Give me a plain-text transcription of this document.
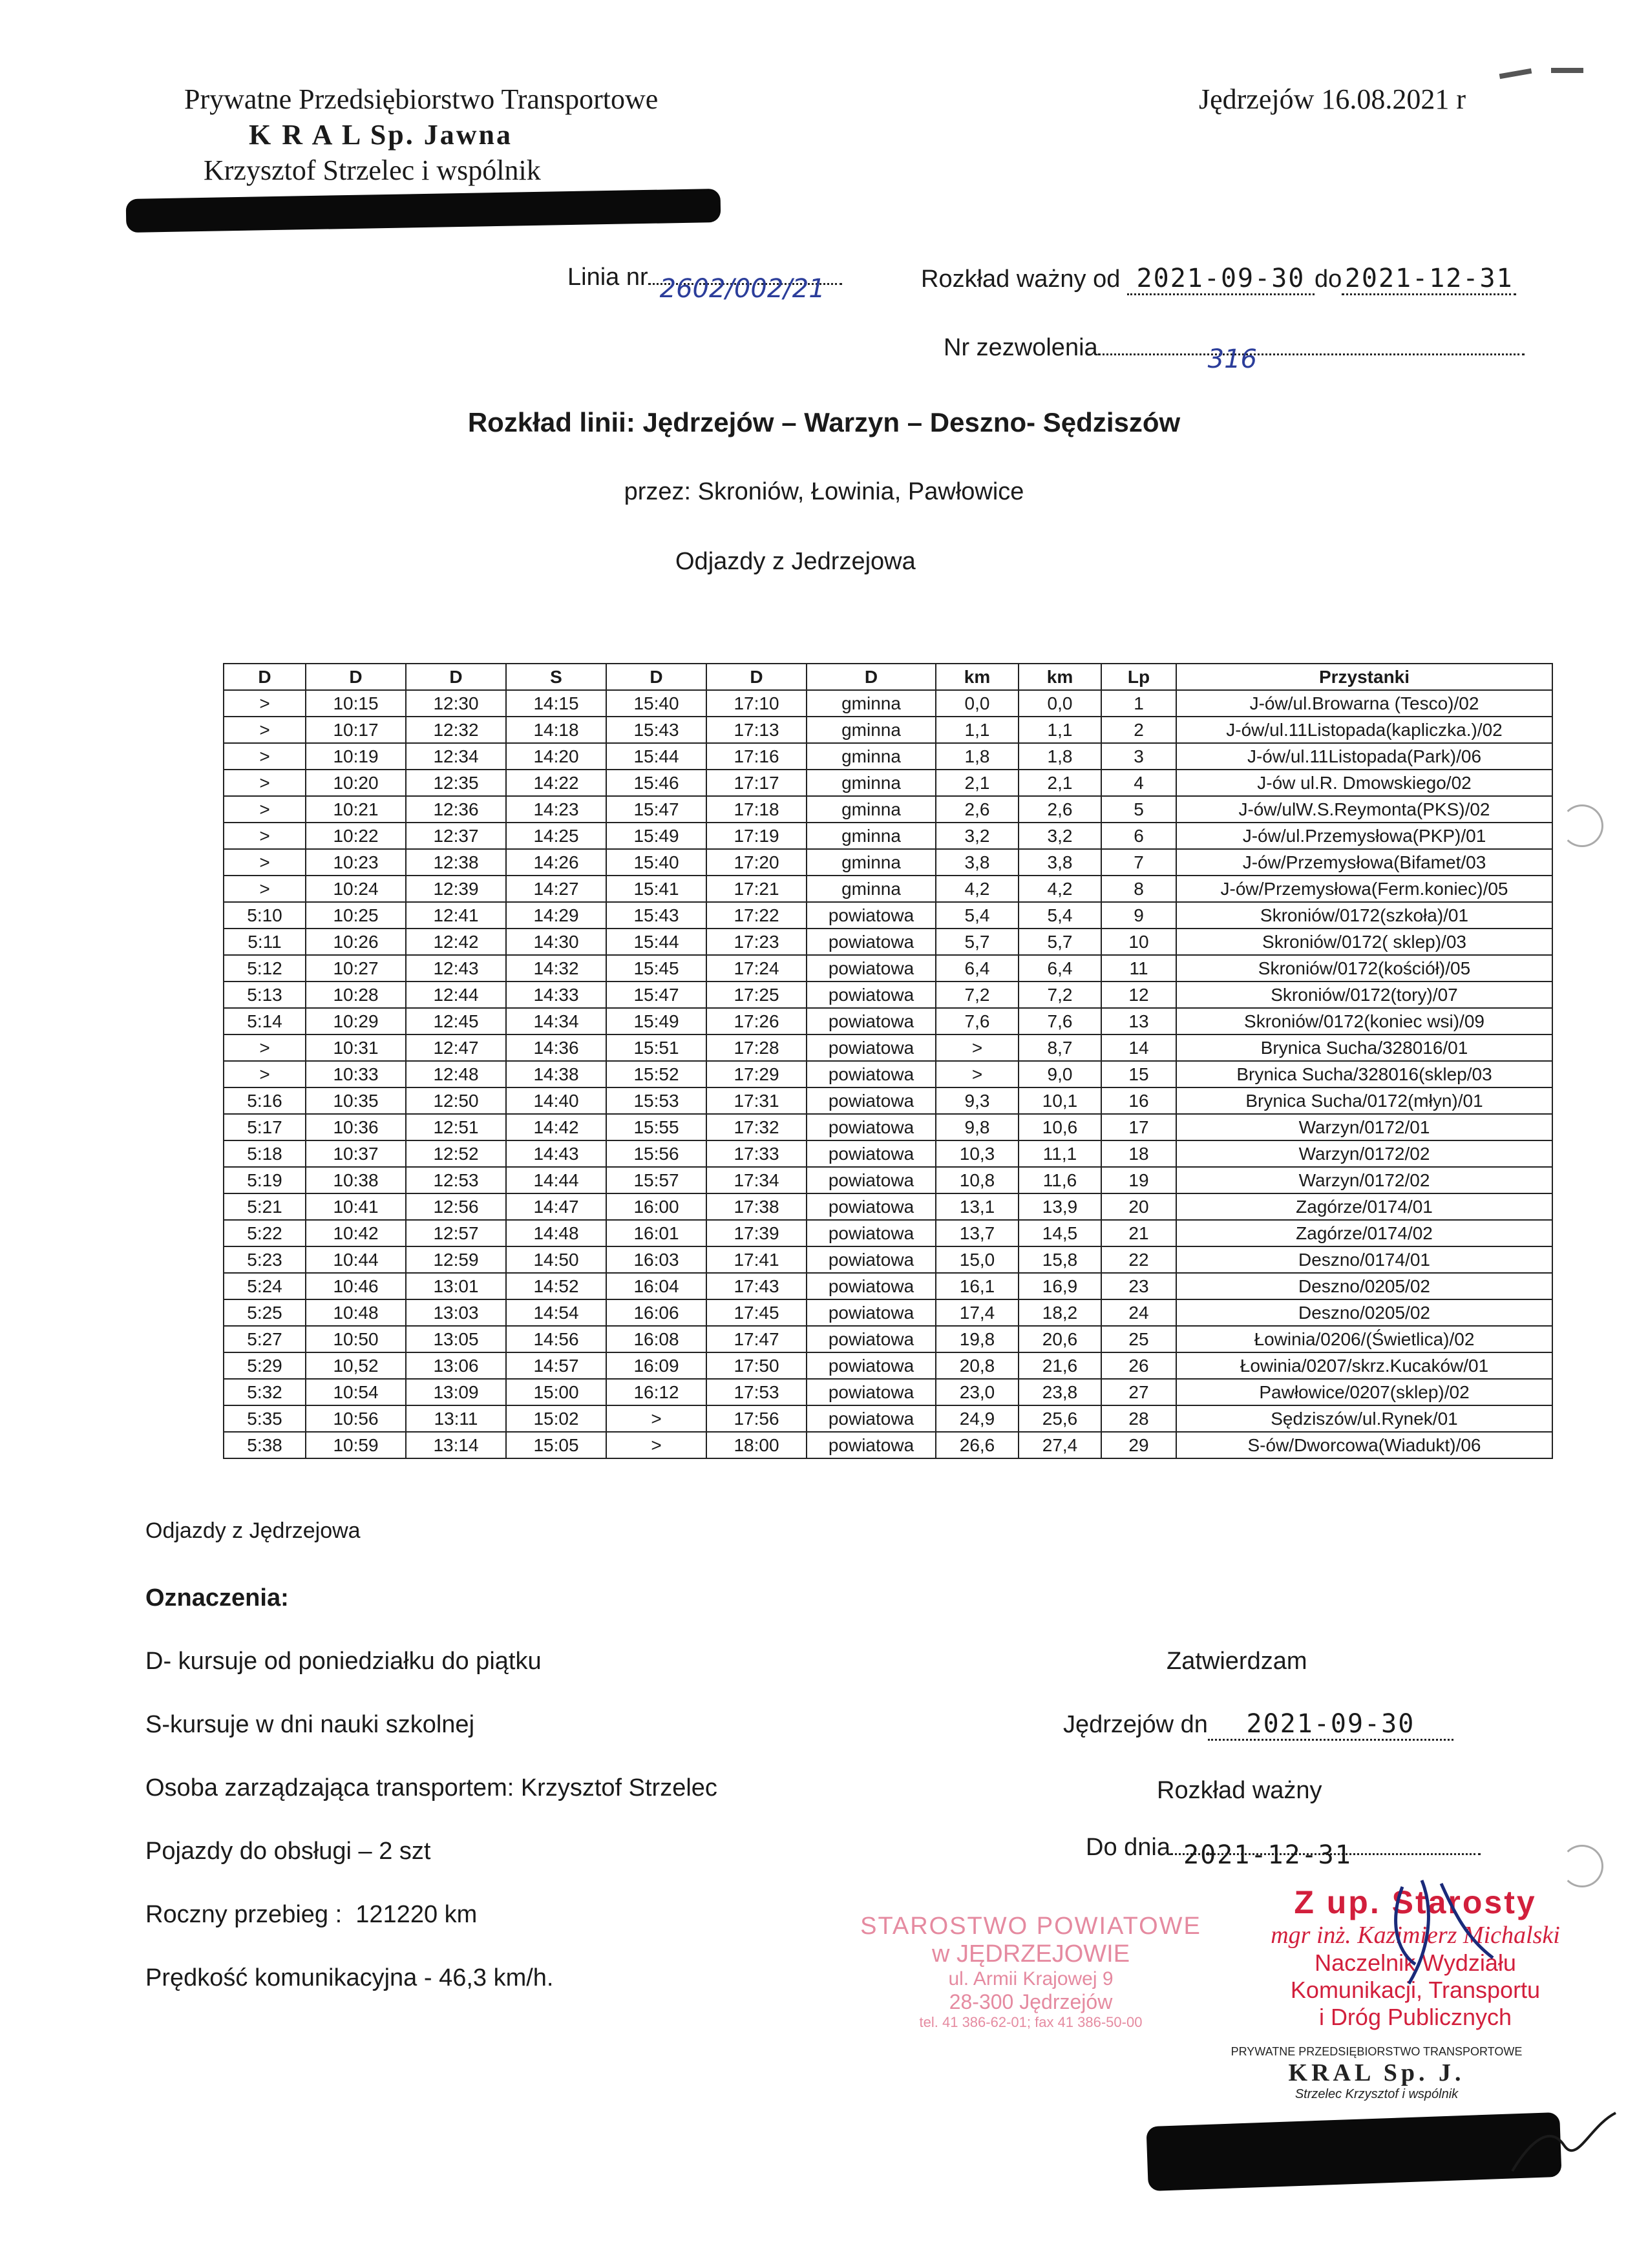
Prywatne Przedsiębiorstwo Transportowe
K R A L Sp. Jawna
Krzysztof Strzelec i wspólnik
Jędrzejów 16.08.2021 r
Linia nr 2602/002/21	Rozkład ważny od 2021-09-30 do 2021-12-31
Nr zezwolenia	316
Rozkład linii: Jędrzejów – Warzyn – Deszno- Sędziszów
przez: Skroniów, Łowinia, Pawłowice
Odjazdy z Jedrzejowa
D	D	D	S	D	D	D	km	km	Lp	Przystanki
>	10:15	12:30	14:15	15:40	17:10	gminna	0,0	0,0	1	J-ów/ul.Browarna (Tesco)/02
>	10:17	12:32	14:18	15:43	17:13	gminna	1,1	1,1	2	J-ów/ul.11Listopada(kapliczka.)/02
>	10:19	12:34	14:20	15:44	17:16	gminna	1,8	1,8	3	J-ów/ul.11Listopada(Park)/06
>	10:20	12:35	14:22	15:46	17:17	gminna	2,1	2,1	4	J-ów ul.R. Dmowskiego/02
>	10:21	12:36	14:23	15:47	17:18	gminna	2,6	2,6	5	J-ów/ulW.S.Reymonta(PKS)/02
>	10:22	12:37	14:25	15:49	17:19	gminna	3,2	3,2	6	J-ów/ul.Przemysłowa(PKP)/01
>	10:23	12:38	14:26	15:40	17:20	gminna	3,8	3,8	7	J-ów/Przemysłowa(Bifamet/03
>	10:24	12:39	14:27	15:41	17:21	gminna	4,2	4,2	8	J-ów/Przemysłowa(Ferm.koniec)/05
5:10	10:25	12:41	14:29	15:43	17:22	powiatowa	5,4	5,4	9	Skroniów/0172(szkoła)/01
5:11	10:26	12:42	14:30	15:44	17:23	powiatowa	5,7	5,7	10	Skroniów/0172( sklep)/03
5:12	10:27	12:43	14:32	15:45	17:24	powiatowa	6,4	6,4	11	Skroniów/0172(kościół)/05
5:13	10:28	12:44	14:33	15:47	17:25	powiatowa	7,2	7,2	12	Skroniów/0172(tory)/07
5:14	10:29	12:45	14:34	15:49	17:26	powiatowa	7,6	7,6	13	Skroniów/0172(koniec wsi)/09
>	10:31	12:47	14:36	15:51	17:28	powiatowa	>	8,7	14	Brynica Sucha/328016/01
>	10:33	12:48	14:38	15:52	17:29	powiatowa	>	9,0	15	Brynica Sucha/328016(sklep/03
5:16	10:35	12:50	14:40	15:53	17:31	powiatowa	9,3	10,1	16	Brynica Sucha/0172(młyn)/01
5:17	10:36	12:51	14:42	15:55	17:32	powiatowa	9,8	10,6	17	Warzyn/0172/01
5:18	10:37	12:52	14:43	15:56	17:33	powiatowa	10,3	11,1	18	Warzyn/0172/02
5:19	10:38	12:53	14:44	15:57	17:34	powiatowa	10,8	11,6	19	Warzyn/0172/02
5:21	10:41	12:56	14:47	16:00	17:38	powiatowa	13,1	13,9	20	Zagórze/0174/01
5:22	10:42	12:57	14:48	16:01	17:39	powiatowa	13,7	14,5	21	Zagórze/0174/02
5:23	10:44	12:59	14:50	16:03	17:41	powiatowa	15,0	15,8	22	Deszno/0174/01
5:24	10:46	13:01	14:52	16:04	17:43	powiatowa	16,1	16,9	23	Deszno/0205/02
5:25	10:48	13:03	14:54	16:06	17:45	powiatowa	17,4	18,2	24	Deszno/0205/02
5:27	10:50	13:05	14:56	16:08	17:47	powiatowa	19,8	20,6	25	Łowinia/0206/(Świetlica)/02
5:29	10,52	13:06	14:57	16:09	17:50	powiatowa	20,8	21,6	26	Łowinia/0207/skrz.Kucaków/01
5:32	10:54	13:09	15:00	16:12	17:53	powiatowa	23,0	23,8	27	Pawłowice/0207(sklep)/02
5:35	10:56	13:11	15:02	>	17:56	powiatowa	24,9	25,6	28	Sędziszów/ul.Rynek/01
5:38	10:59	13:14	15:05	>	18:00	powiatowa	26,6	27,4	29	S-ów/Dworcowa(Wiadukt)/06
Odjazdy z Jędrzejowa
Oznaczenia:
D- kursuje od poniedziałku do piątku
S-kursuje w dni nauki szkolnej
Osoba zarządzająca transportem: Krzysztof Strzelec
Pojazdy do obsługi – 2 szt
Roczny przebieg : 121220 km
Prędkość komunikacyjna - 46,3 km/h.
Zatwierdzam
Jędrzejów dn 2021-09-30
Rozkład ważny
Do dnia 2021-12-31
STAROSTWO POWIATOWE
w JĘDRZEJOWIE
ul. Armii Krajowej 9
28-300 Jędrzejów
tel. 41 386-62-01; fax 41 386-50-00
Z up. Starosty
mgr inż. Kazimierz Michalski
Naczelnik Wydziału
Komunikacji, Transportu
i Dróg Publicznych
PRYWATNE PRZEDSIĘBIORSTWO TRANSPORTOWE
KRAL Sp. J.
Strzelec Krzysztof i wspólnik
